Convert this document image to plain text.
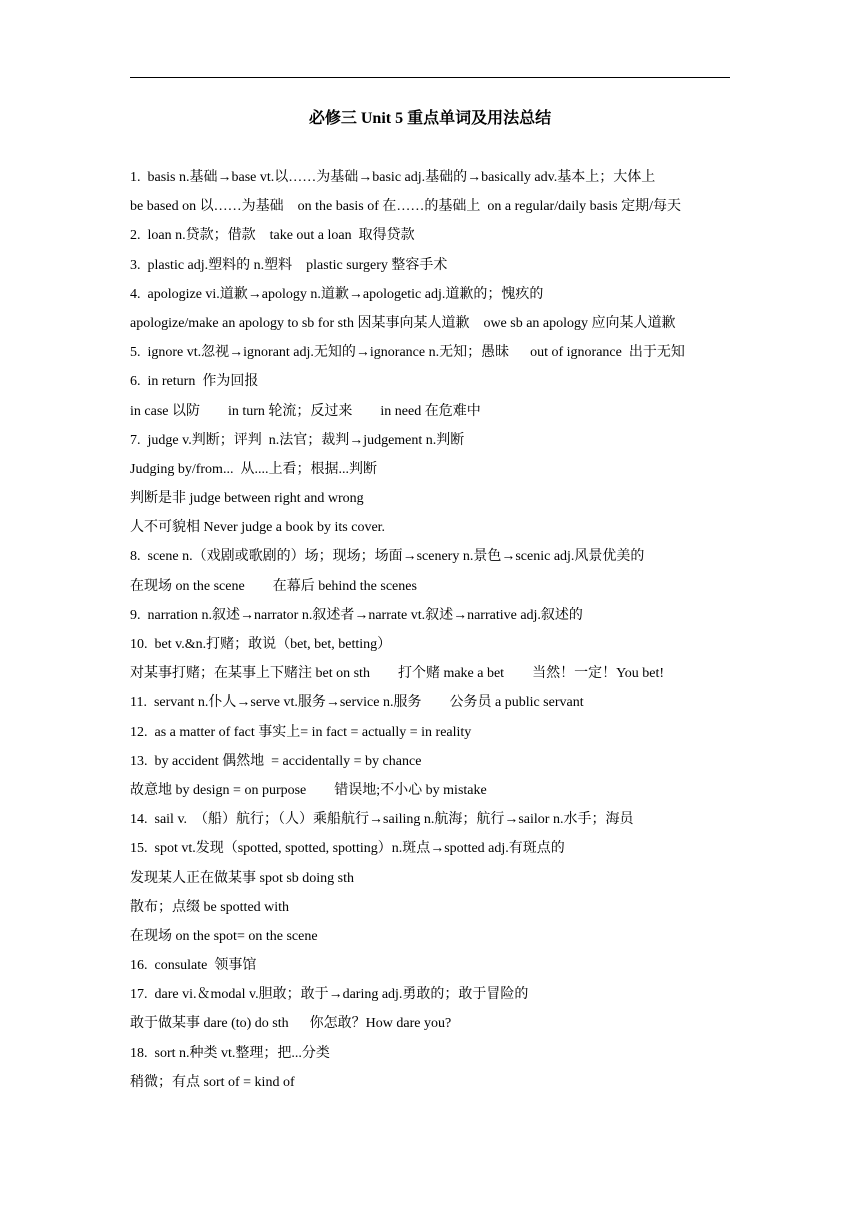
必修三 Unit 5 重点单词及用法总结
1.  basis n.基础→base vt.以……为基础→basic adj.基础的→basically adv.基本上；大体上
be based on 以……为基础    on the basis of 在……的基础上  on a regular/daily basis 定期/每天
2.  loan n.贷款；借款    take out a loan  取得贷款
3.  plastic adj.塑料的 n.塑料    plastic surgery 整容手术
4.  apologize vi.道歉→apology n.道歉→apologetic adj.道歉的；愧疚的
apologize/make an apology to sb for sth 因某事向某人道歉    owe sb an apology 应向某人道歉
5.  ignore vt.忽视→ignorant adj.无知的→ignorance n.无知；愚昧      out of ignorance  出于无知
6.  in return  作为回报
in case 以防        in turn 轮流；反过来        in need 在危难中
7.  judge v.判断；评判  n.法官；裁判→judgement n.判断
Judging by/from...  从....上看；根据...判断
判断是非 judge between right and wrong
人不可貌相 Never judge a book by its cover.
8.  scene n.（戏剧或歌剧的）场；现场；场面→scenery n.景色→scenic adj.风景优美的
在现场 on the scene        在幕后 behind the scenes
9.  narration n.叙述→narrator n.叙述者→narrate vt.叙述→narrative adj.叙述的
10.  bet v.&n.打赌；敢说（bet, bet, betting）
对某事打赌；在某事上下赌注 bet on sth        打个赌 make a bet        当然！一定！You bet!
11.  servant n.仆人→serve vt.服务→service n.服务        公务员 a public servant
12.  as a matter of fact 事实上= in fact = actually = in reality
13.  by accident 偶然地  = accidentally = by chance
故意地 by design = on purpose        错误地;不小心 by mistake
14.  sail v.  （船）航行；（人）乘船航行→sailing n.航海；航行→sailor n.水手；海员
15.  spot vt.发现（spotted, spotted, spotting）n.斑点→spotted adj.有斑点的
发现某人正在做某事 spot sb doing sth
散布；点缀 be spotted with
在现场 on the spot= on the scene
16.  consulate  领事馆
17.  dare vi.＆modal v.胆敢；敢于→daring adj.勇敢的；敢于冒险的
敢于做某事 dare (to) do sth      你怎敢？How dare you?
18.  sort n.种类 vt.整理；把...分类
稍微；有点 sort of = kind of
